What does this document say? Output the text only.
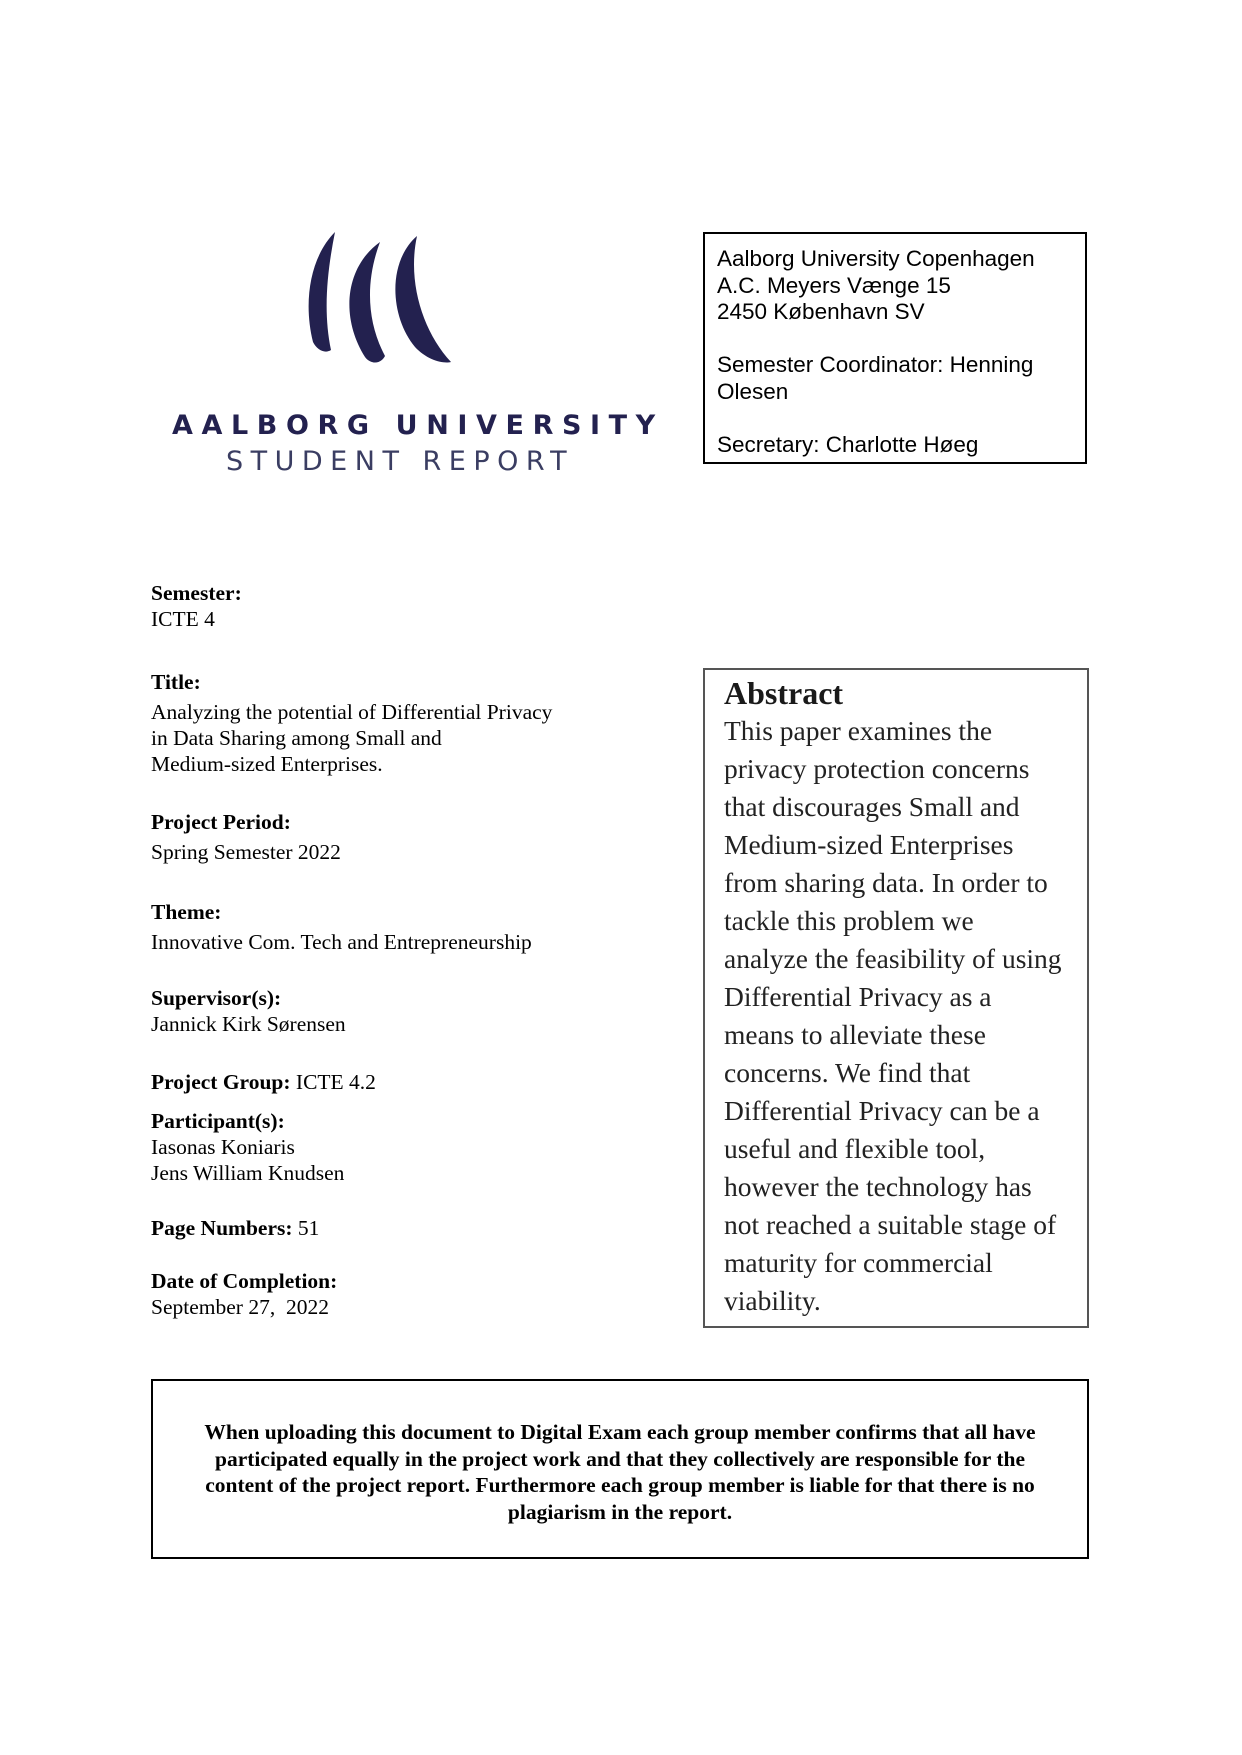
AALBORG UNIVERSITY
STUDENT REPORT
Aalborg University Copenhagen
A.C. Meyers Vænge 15
2450 København SV
Semester Coordinator: Henning
Olesen
Secretary: Charlotte Høeg
Semester:
ICTE 4
Title:
Analyzing the potential of Differential Privacy
in Data Sharing among Small and
Medium-sized Enterprises.
Project Period:
Spring Semester 2022
Theme:
Innovative Com. Tech and Entrepreneurship
Supervisor(s):
Jannick Kirk Sørensen
Project Group: ICTE 4.2
Participant(s):
Iasonas Koniaris
Jens William Knudsen
Page Numbers: 51
Date of Completion:
September 27,  2022
Abstract
This paper examines the
privacy protection concerns
that discourages Small and
Medium-sized Enterprises
from sharing data. In order to
tackle this problem we
analyze the feasibility of using
Differential Privacy as a
means to alleviate these
concerns. We find that
Differential Privacy can be a
useful and flexible tool,
however the technology has
not reached a suitable stage of
maturity for commercial
viability.
When uploading this document to Digital Exam each group member confirms that all have
participated equally in the project work and that they collectively are responsible for the
content of the project report. Furthermore each group member is liable for that there is no
plagiarism in the report.
